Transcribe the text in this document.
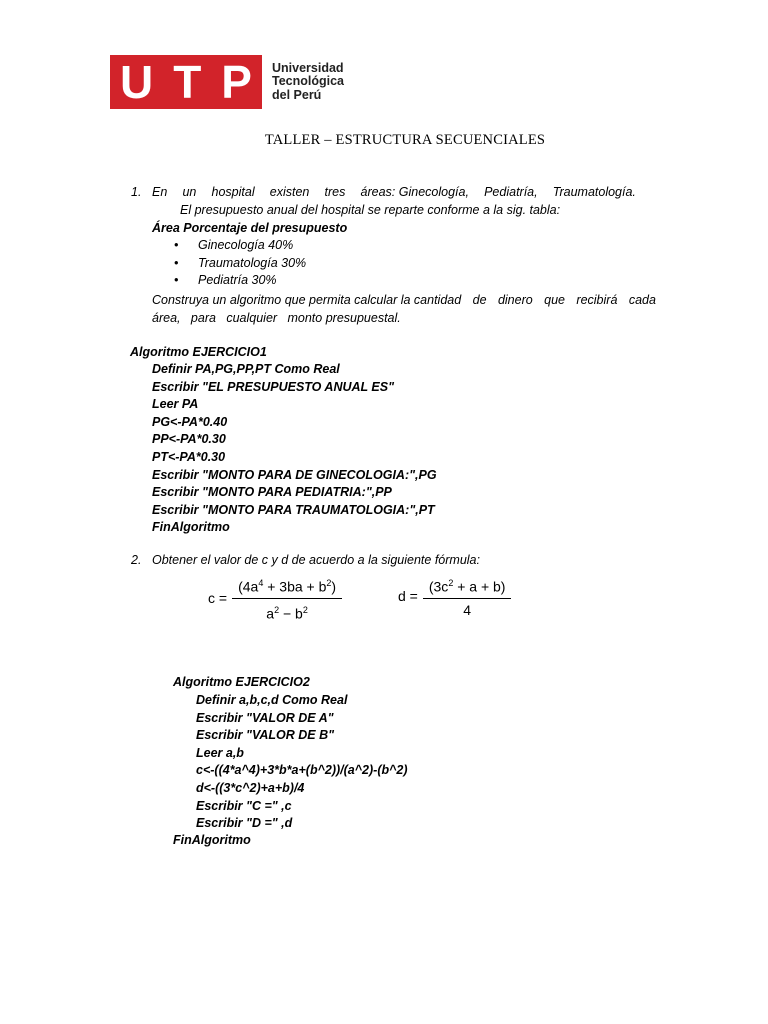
U T P Universidad
Tecnológica
del Perú
TALLER – ESTRUCTURA SECUENCIALES
1. En un hospital existen tres áreas: Ginecología, Pediatría, Traumatología.
El presupuesto anual del hospital se reparte conforme a la sig. tabla:
Área Porcentaje del presupuesto
•	Ginecología 40%
•	Traumatología 30%
•	Pediatría 30%
Construya un algoritmo que permita calcular la cantidad de dinero que recibirá cada
área,   para   cualquier   monto presupuestal.
Algoritmo EJERCICIO1
Definir PA,PG,PP,PT Como Real
Escribir "EL PRESUPUESTO ANUAL ES"
Leer PA
PG<-PA*0.40
PP<-PA*0.30
PT<-PA*0.30
Escribir "MONTO PARA DE GINECOLOGIA:",PG
Escribir "MONTO PARA PEDIATRIA:",PP
Escribir "MONTO PARA TRAUMATOLOGIA:",PT
FinAlgoritmo
2. Obtener el valor de c y d de acuerdo a la siguiente fórmula:
$c = \frac{(4a^4 + 3ba + b^2)}{a^2 - b^2}$	$d = \frac{(3c^2 + a + b)}{4}$
Algoritmo EJERCICIO2
Definir a,b,c,d Como Real
Escribir "VALOR DE A"
Escribir "VALOR DE B"
Leer a,b
c<-((4*a^4)+3*b*a+(b^2))/(a^2)-(b^2)
d<-((3*c^2)+a+b)/4
Escribir "C =" ,c
Escribir "D =" ,d
FinAlgoritmo
